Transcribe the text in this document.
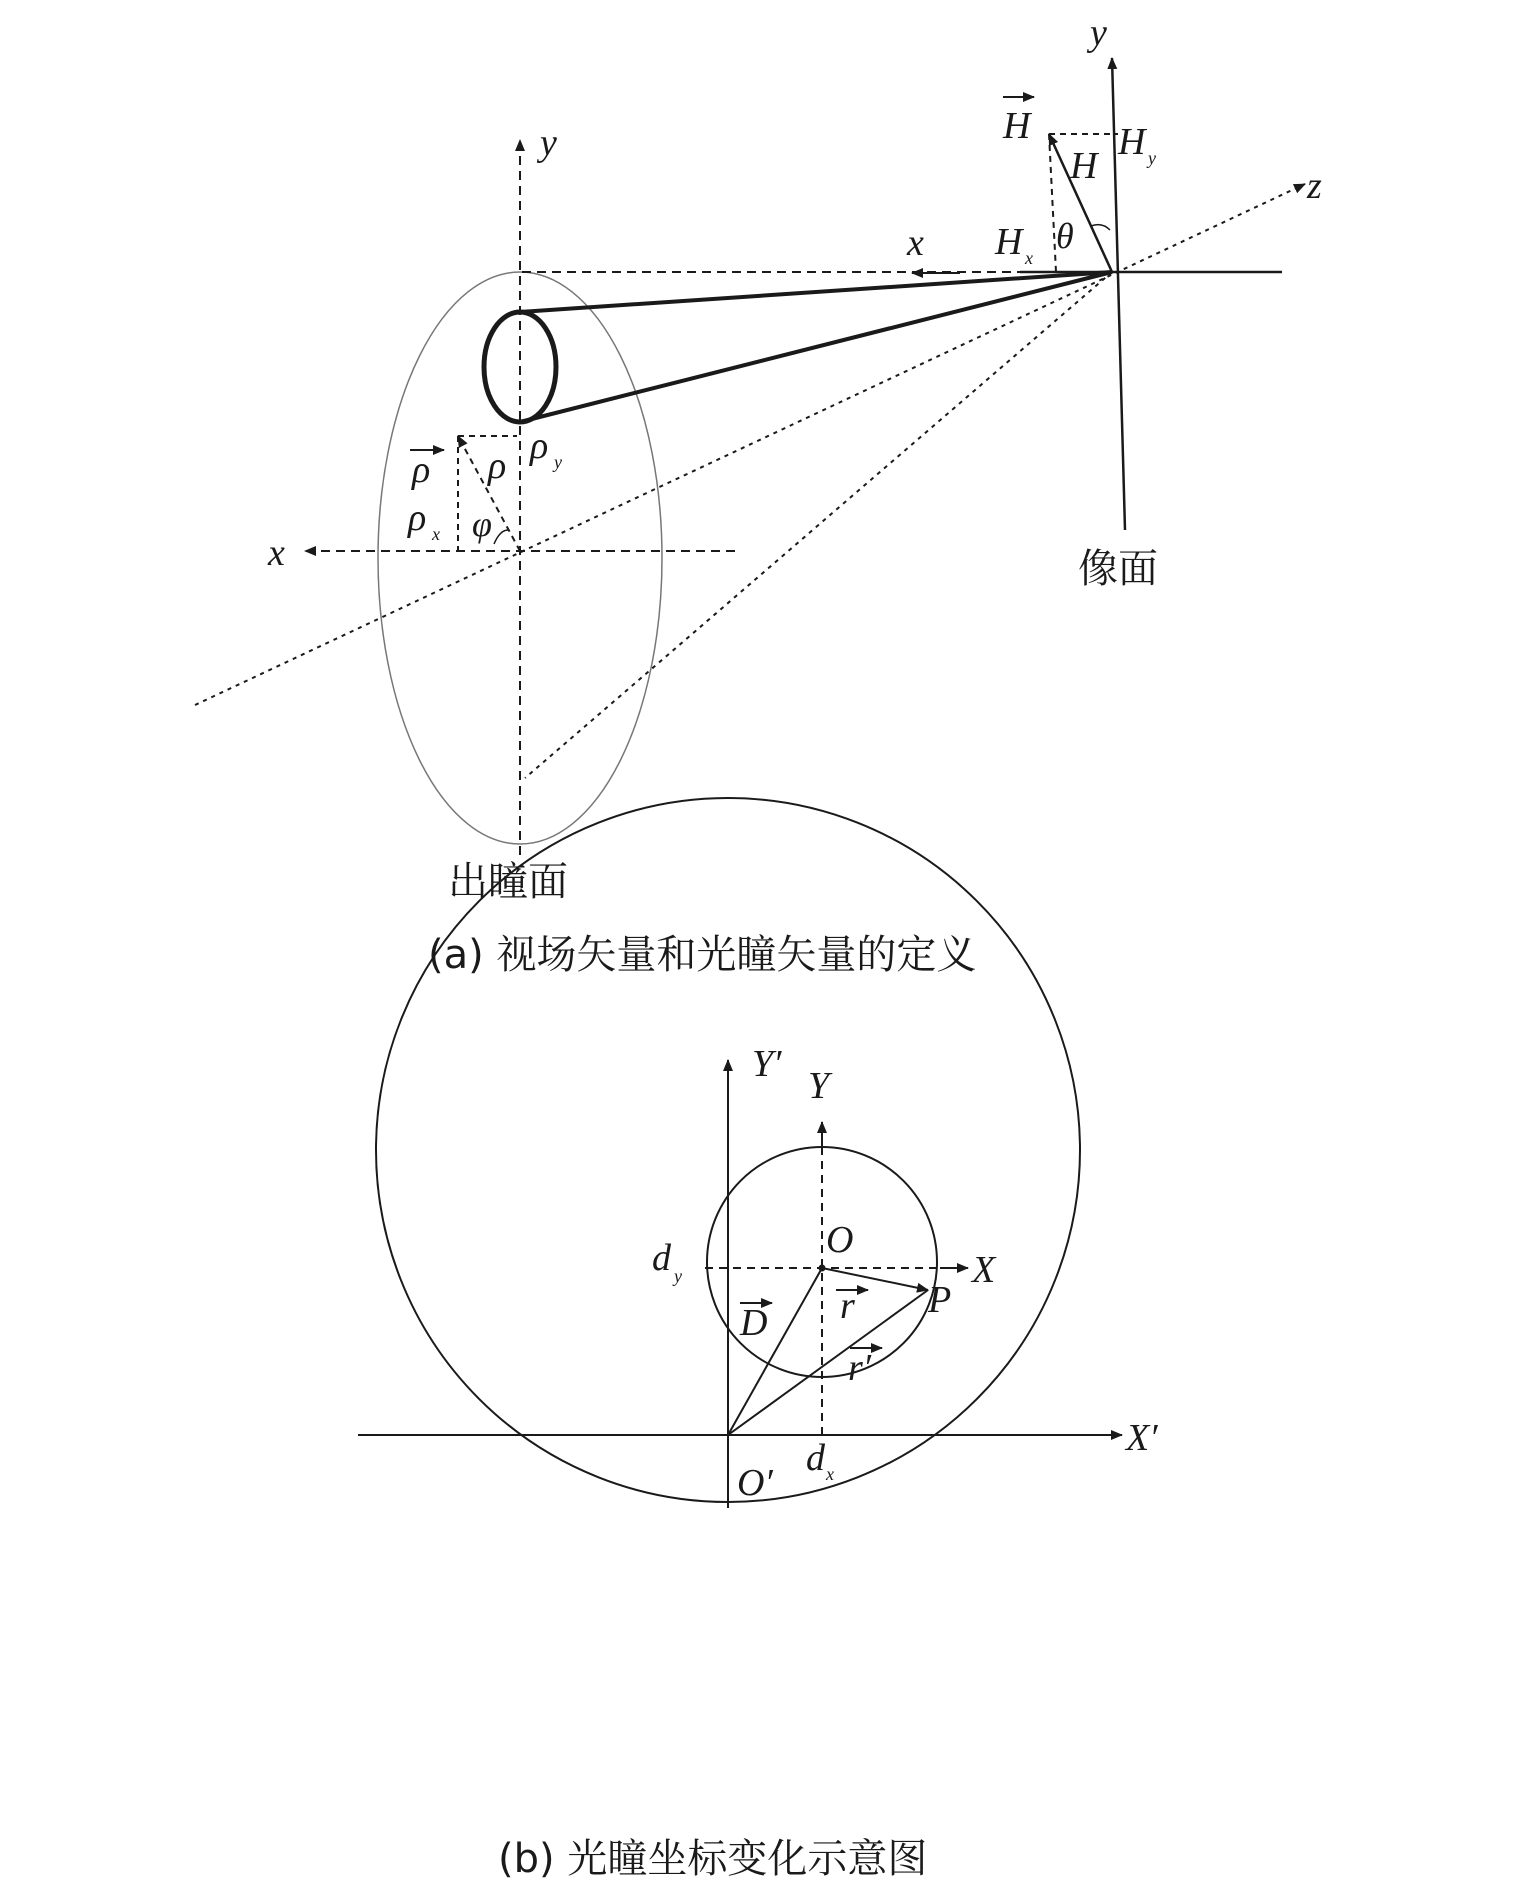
y
x
y
x
z
H
H
H y
H x
θ
ρ ρ ρ y
ρ x φ
像面
出瞳面
(a) 视场矢量和光瞳矢量的定义
Y′
Y
X
X′
O
O′
P
D r
r′
d y
d x
(b) 光瞳坐标变化示意图
